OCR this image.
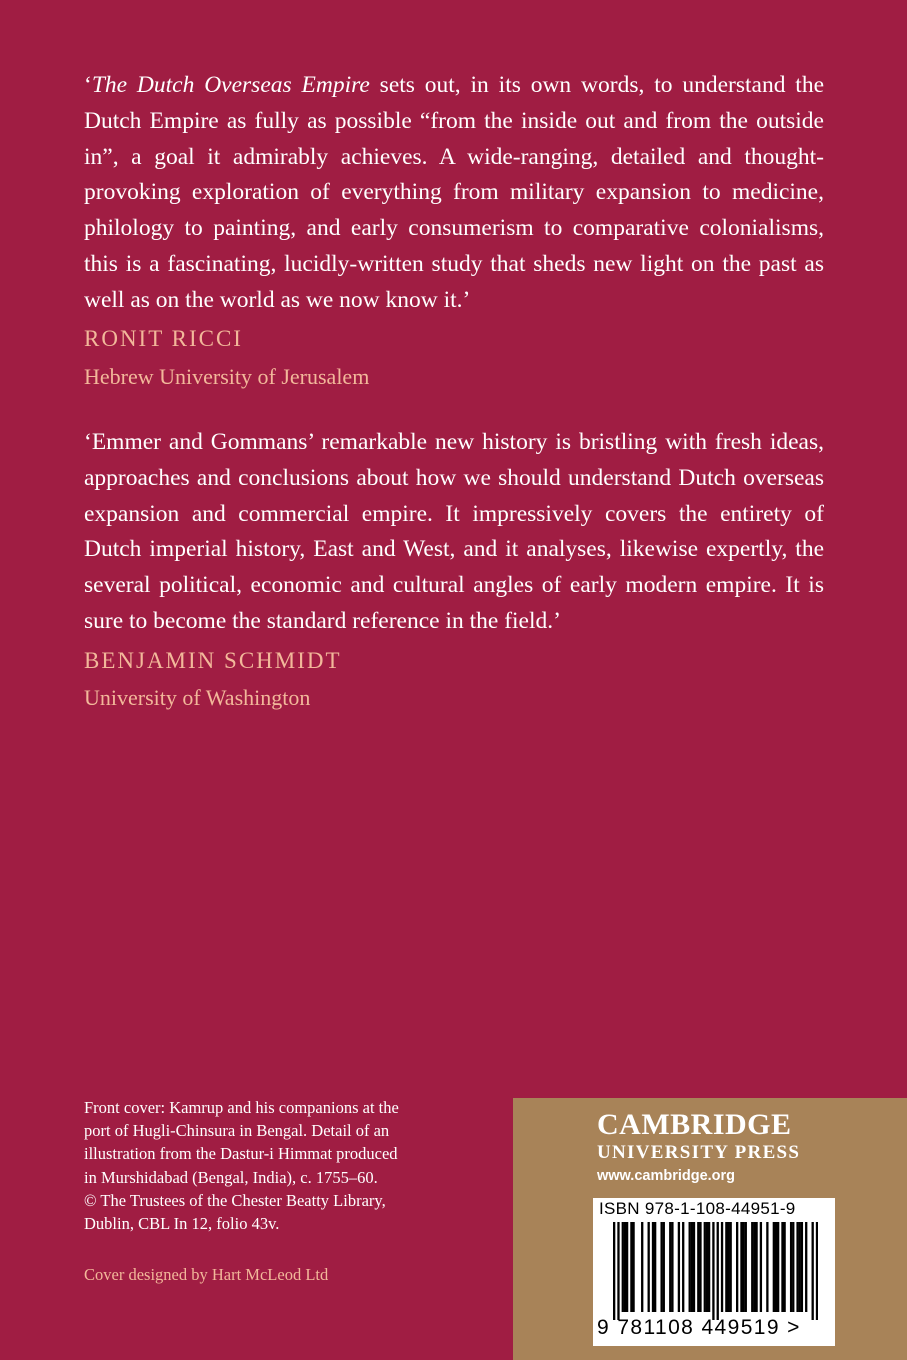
‘The Dutch Overseas Empire sets out, in its own words, to understand the Dutch Empire as fully as possible “from the inside out and from the outside in”, a goal it admirably achieves. A wide-ranging, detailed and thought-provoking exploration of everything from military expansion to medicine, philology to painting, and early consumerism to comparative colonialisms, this is a fascinating, lucidly-written study that sheds new light on the past as well as on the world as we now know it.’

RONIT RICCI

Hebrew University of Jerusalem

‘Emmer and Gommans’ remarkable new history is bristling with fresh ideas, approaches and conclusions about how we should understand Dutch overseas expansion and commercial empire. It impressively covers the entirety of Dutch imperial history, East and West, and it analyses, likewise expertly, the several political, economic and cultural angles of early modern empire. It is sure to become the standard reference in the field.’

BENJAMIN SCHMIDT

University of Washington

Front cover: Kamrup and his companions at the
port of Hugli-Chinsura in Bengal. Detail of an
illustration from the Dastur-i Himmat produced
in Murshidabad (Bengal, India), c. 1755–60.
© The Trustees of the Chester Beatty Library,
Dublin, CBL In 12, folio 43v.

Cover designed by Hart McLeod Ltd

CAMBRIDGE

UNIVERSITY PRESS

www.cambridge.org

ISBN 978-1-108-44951-9

9 781108 449519 >
